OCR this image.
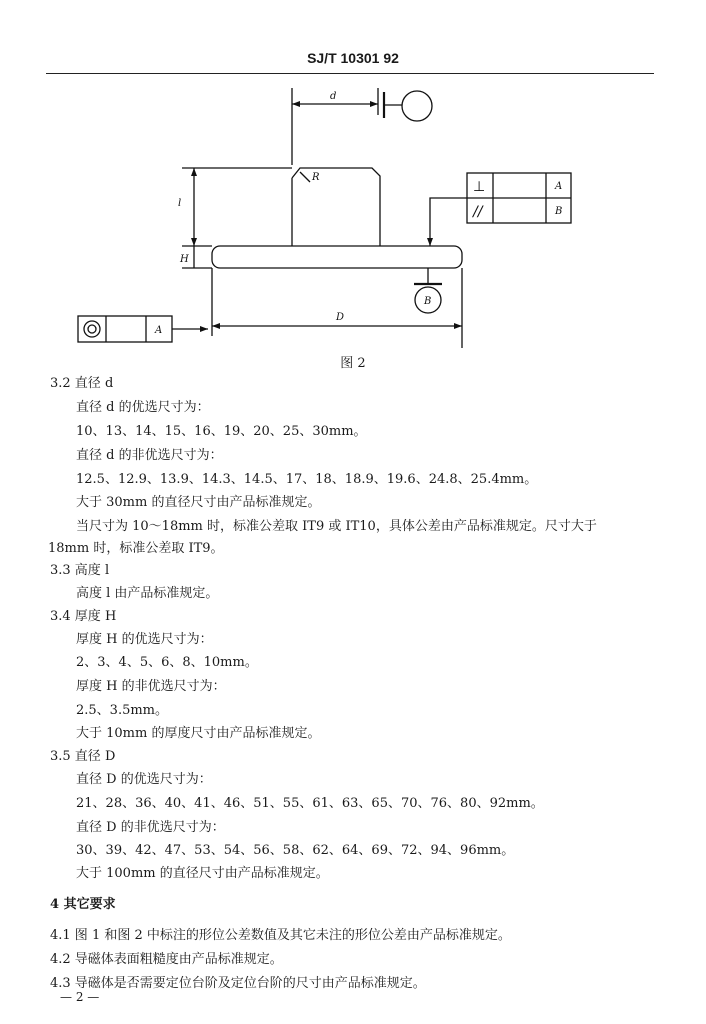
SJ/T 10301 92
d
R
l
H
D
B
A
A
B
⊥
//
图 2
3.2 直径 d
直径 d 的优选尺寸为：
10、13、14、15、16、19、20、25、30mm。
直径 d 的非优选尺寸为：
12.5、12.9、13.9、14.3、14.5、17、18、18.9、19.6、24.8、25.4mm。
大于 30mm 的直径尺寸由产品标准规定。
当尺寸为 10～18mm 时，标准公差取 IT9 或 IT10，具体公差由产品标准规定。尺寸大于
18mm 时，标准公差取 IT9。
3.3 高度 l
高度 l 由产品标准规定。
3.4 厚度 H
厚度 H 的优选尺寸为：
2、3、4、5、6、8、10mm。
厚度 H 的非优选尺寸为：
2.5、3.5mm。
大于 10mm 的厚度尺寸由产品标准规定。
3.5 直径 D
直径 D 的优选尺寸为：
21、28、36、40、41、46、51、55、61、63、65、70、76、80、92mm。
直径 D 的非优选尺寸为：
30、39、42、47、53、54、56、58、62、64、69、72、94、96mm。
大于 100mm 的直径尺寸由产品标准规定。
4 其它要求
4.1 图 1 和图 2 中标注的形位公差数值及其它未注的形位公差由产品标准规定。
4.2 导磁体表面粗糙度由产品标准规定。
4.3 导磁体是否需要定位台阶及定位台阶的尺寸由产品标准规定。
— 2 —
